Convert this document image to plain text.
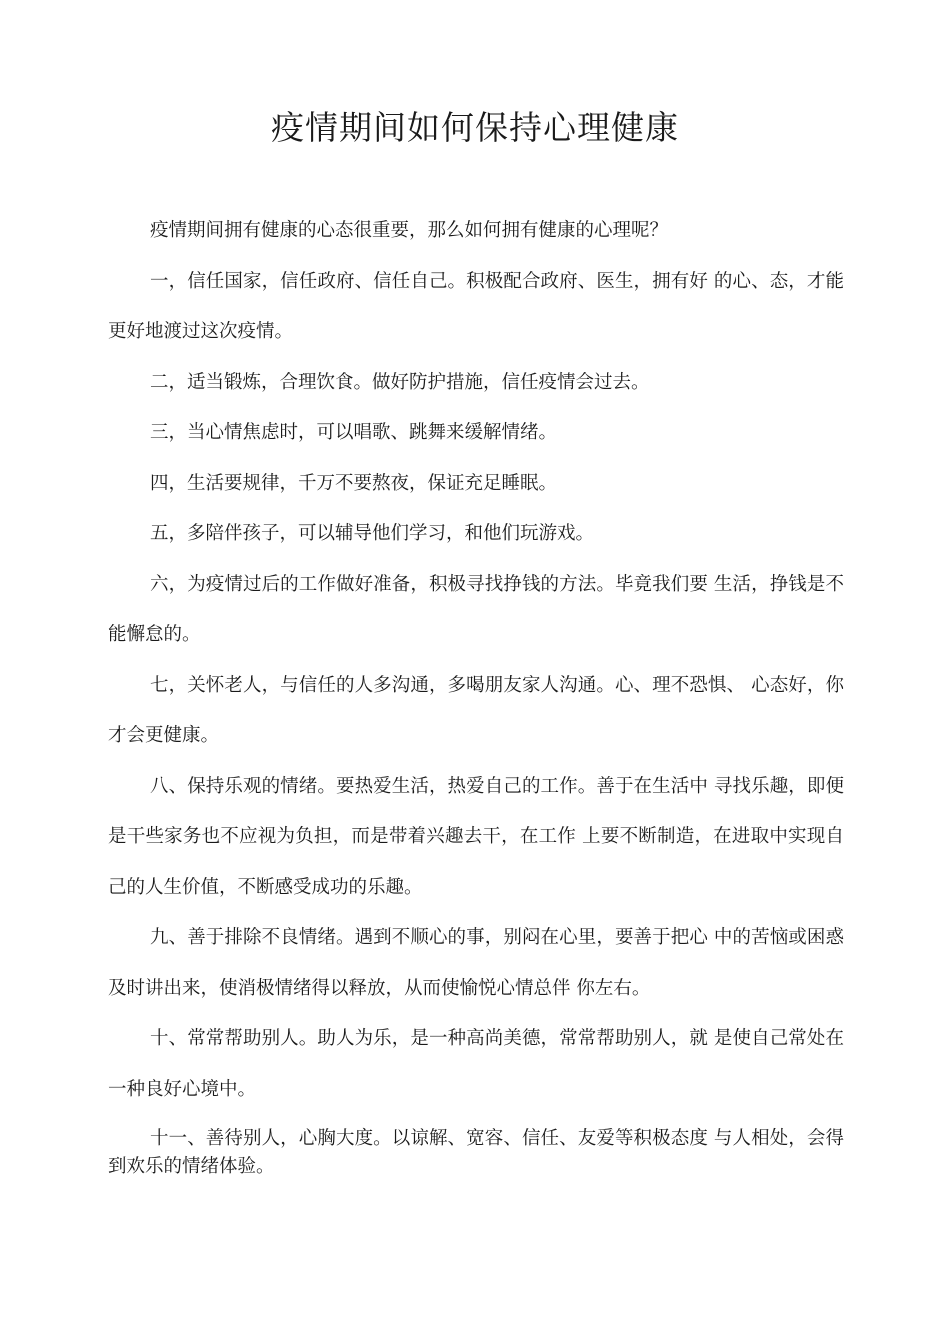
疫情期间如何保持心理健康

疫情期间拥有健康的心态很重要，那么如何拥有健康的心理呢？

一，信任国家，信任政府、信任自己。积极配合政府、医生，拥有好 的心、态，才能更好地渡过这次疫情。

二，适当锻炼，合理饮食。做好防护措施，信任疫情会过去。

三，当心情焦虑时，可以唱歌、跳舞来缓解情绪。

四，生活要规律，千万不要熬夜，保证充足睡眠。

五，多陪伴孩子，可以辅导他们学习，和他们玩游戏。

六，为疫情过后的工作做好准备，积极寻找挣钱的方法。毕竟我们要 生活，挣钱是不能懈怠的。

七，关怀老人，与信任的人多沟通，多喝朋友家人沟通。心、理不恐惧、 心态好，你才会更健康。

八、保持乐观的情绪。要热爱生活，热爱自己的工作。善于在生活中 寻找乐趣，即便是干些家务也不应视为负担，而是带着兴趣去干，在工作 上要不断制造，在进取中实现自己的人生价值，不断感受成功的乐趣。

九、善于排除不良情绪。遇到不顺心的事，别闷在心里，要善于把心 中的苦恼或困惑及时讲出来，使消极情绪得以释放，从而使愉悦心情总伴 你左右。

十、常常帮助别人。助人为乐，是一种高尚美德，常常帮助别人，就 是使自己常处在一种良好心境中。

十一、善待别人，心胸大度。以谅解、宽容、信任、友爱等积极态度 与人相处，会得到欢乐的情绪体验。
